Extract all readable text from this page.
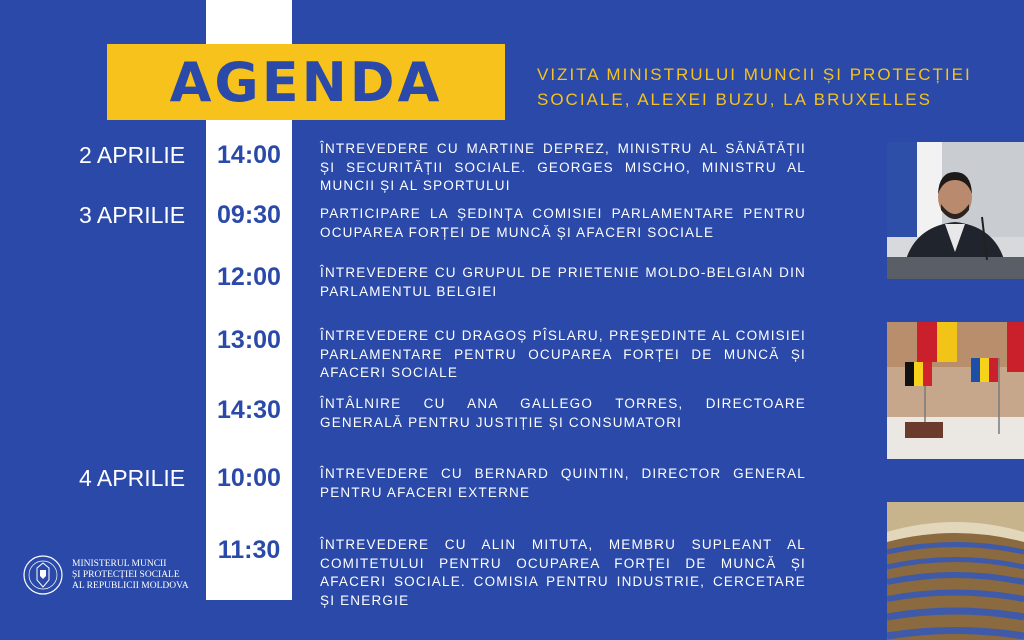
AGENDA	VIZITA MINISTRULUI MUNCII ȘI PROTECȚIEI
SOCIALE, ALEXEI BUZU, LA BRUXELLES
2 APRILIE
3 APRILIE
4 APRILIE
14:00
09:30
12:00
13:00
14:30
10:00
11:30
ÎNTREVEDERE CU MARTINE DEPREZ, MINISTRU AL SĂNĂTĂȚII ȘI SECURITĂȚII SOCIALE. GEORGES MISCHO, MINISTRU AL MUNCII ȘI AL SPORTULUI
PARTICIPARE LA ȘEDINȚA COMISIEI PARLAMENTARE PENTRU OCUPAREA FORȚEI DE MUNCĂ ȘI AFACERI SOCIALE
ÎNTREVEDERE CU GRUPUL DE PRIETENIE MOLDO-BELGIAN DIN PARLAMENTUL BELGIEI
ÎNTREVEDERE CU DRAGOȘ PÎSLARU, PREȘEDINTE AL COMISIEI PARLAMENTARE PENTRU OCUPAREA FORȚEI DE MUNCĂ ȘI AFACERI SOCIALE
ÎNTÂLNIRE CU ANA GALLEGO TORRES, DIRECTOARE GENERALĂ PENTRU JUSTIȚIE ȘI CONSUMATORI
ÎNTREVEDERE CU BERNARD QUINTIN, DIRECTOR GENERAL PENTRU AFACERI EXTERNE
ÎNTREVEDERE CU ALIN MITUTA, MEMBRU SUPLEANT AL COMITETULUI PENTRU OCUPAREA FORȚEI DE MUNCĂ ȘI AFACERI SOCIALE. COMISIA PENTRU INDUSTRIE, CERCETARE ȘI ENERGIE
MINISTERUL MUNCII
ȘI PROTECȚIEI SOCIALE
AL REPUBLICII MOLDOVA
